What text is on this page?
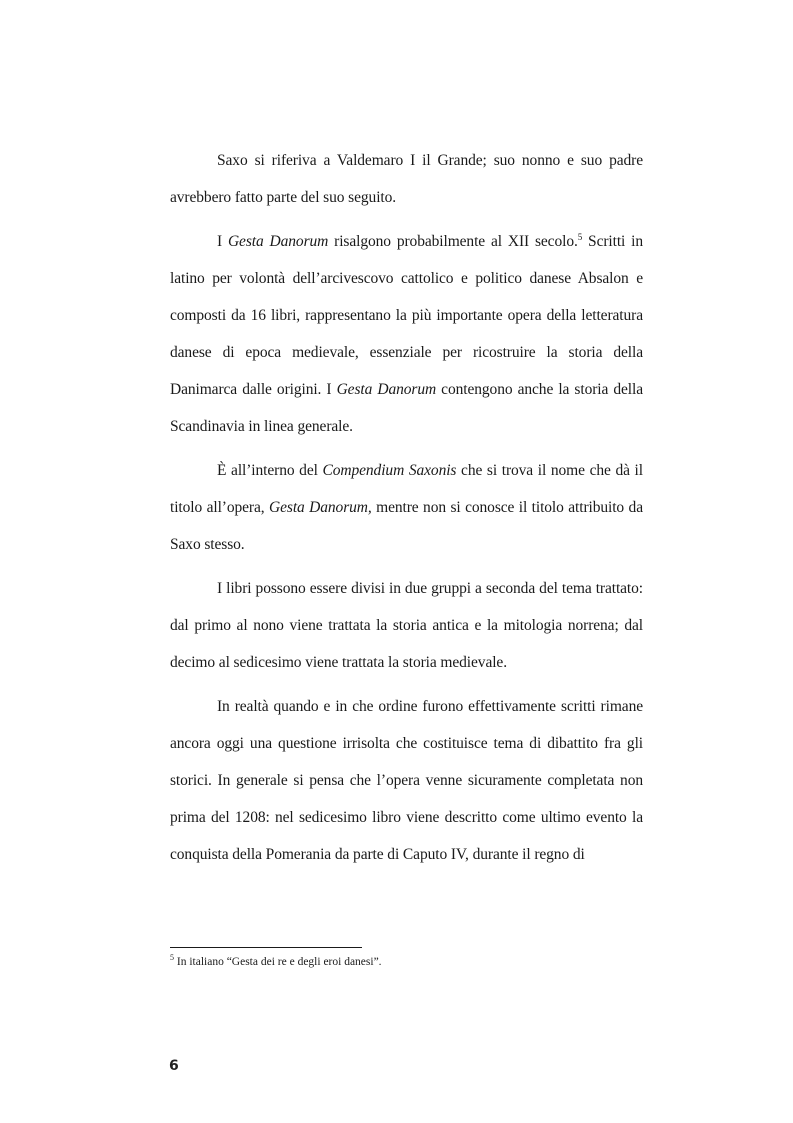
Saxo si riferiva a Valdemaro I il Grande; suo nonno e suo padre avrebbero fatto parte del suo seguito.

I Gesta Danorum risalgono probabilmente al XII secolo.$^5$ Scritti in latino per volontà dell’arcivescovo cattolico e politico danese Absalon e composti da 16 libri, rappresentano la più importante opera della letteratura danese di epoca medievale, essenziale per ricostruire la storia della Danimarca dalle origini. I Gesta Danorum contengono anche la storia della Scandinavia in linea generale.

È all’interno del Compendium Saxonis che si trova il nome che dà il titolo all’opera, Gesta Danorum, mentre non si conosce il titolo attribuito da Saxo stesso.

I libri possono essere divisi in due gruppi a seconda del tema trattato: dal primo al nono viene trattata la storia antica e la mitologia norrena; dal decimo al sedicesimo viene trattata la storia medievale.

In realtà quando e in che ordine furono effettivamente scritti rimane ancora oggi una questione irrisolta che costituisce tema di dibattito fra gli storici. In generale si pensa che l’opera venne sicuramente completata non prima del 1208: nel sedicesimo libro viene descritto come ultimo evento la conquista della Pomerania da parte di Caputo IV, durante il regno di

$^5$ In italiano “Gesta dei re e degli eroi danesi”.
6
